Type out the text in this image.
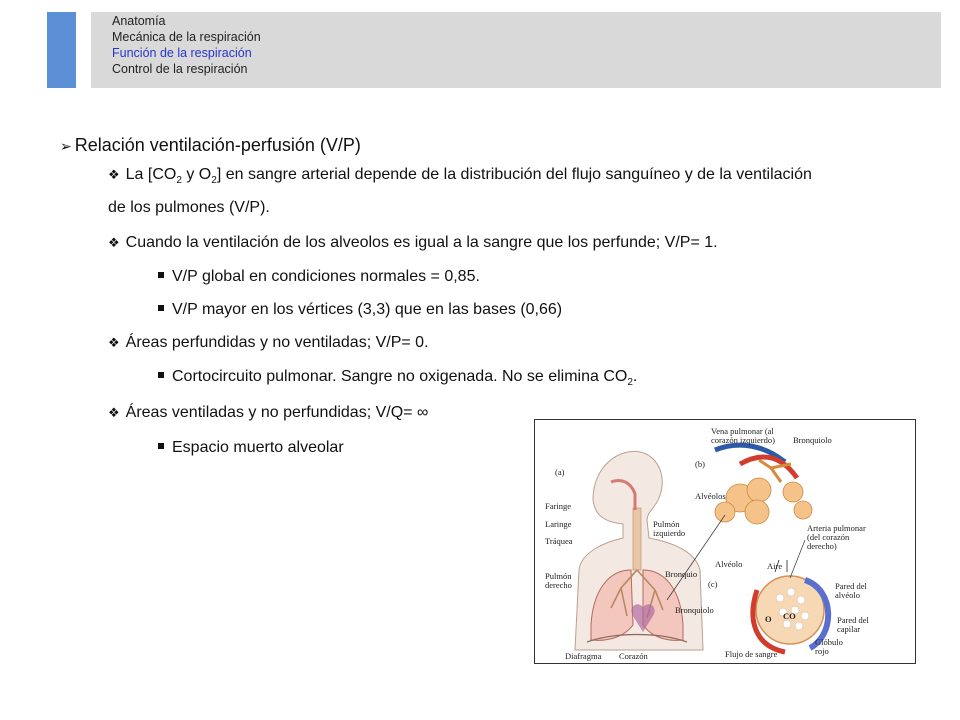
Anatomía
Mecánica de la respiración
Función de la respiración
Control de la respiración
➢ Relación ventilación-perfusión (V/P)
❖ La [$CO_2$ y $O_2$] en sangre arterial depende de la distribución del flujo sanguíneo y de la ventilación
de los pulmones (V/P).
❖ Cuando la ventilación de los alveolos es igual a la sangre que los perfunde; V/P= 1.
V/P global en condiciones normales = 0,85.
V/P mayor en los vértices (3,3) que en las bases (0,66)
❖ Áreas perfundidas y no ventiladas; V/P= 0.
Cortocircuito pulmonar. Sangre no oxigenada. No se elimina $CO_2$.
❖ Áreas ventiladas y no perfundidas; V/Q= ∞
Espacio muerto alveolar
(a)
(b)
(c)
Vena pulmonar (al corazón izquierdo)	Bronquiolo
Alvéolos
Faringe
Laringe
Tráquea
Pulmón izquierdo	Arteria pulmonar (del corazón derecho)
Pulmón derecho
Bronquio
Alvéolo	Aire
Pared del alvéolo
Bronquiolo
Pared del capilar
O CO
Glóbulo rojo
Diafragma Corazón	Flujo de sangre
